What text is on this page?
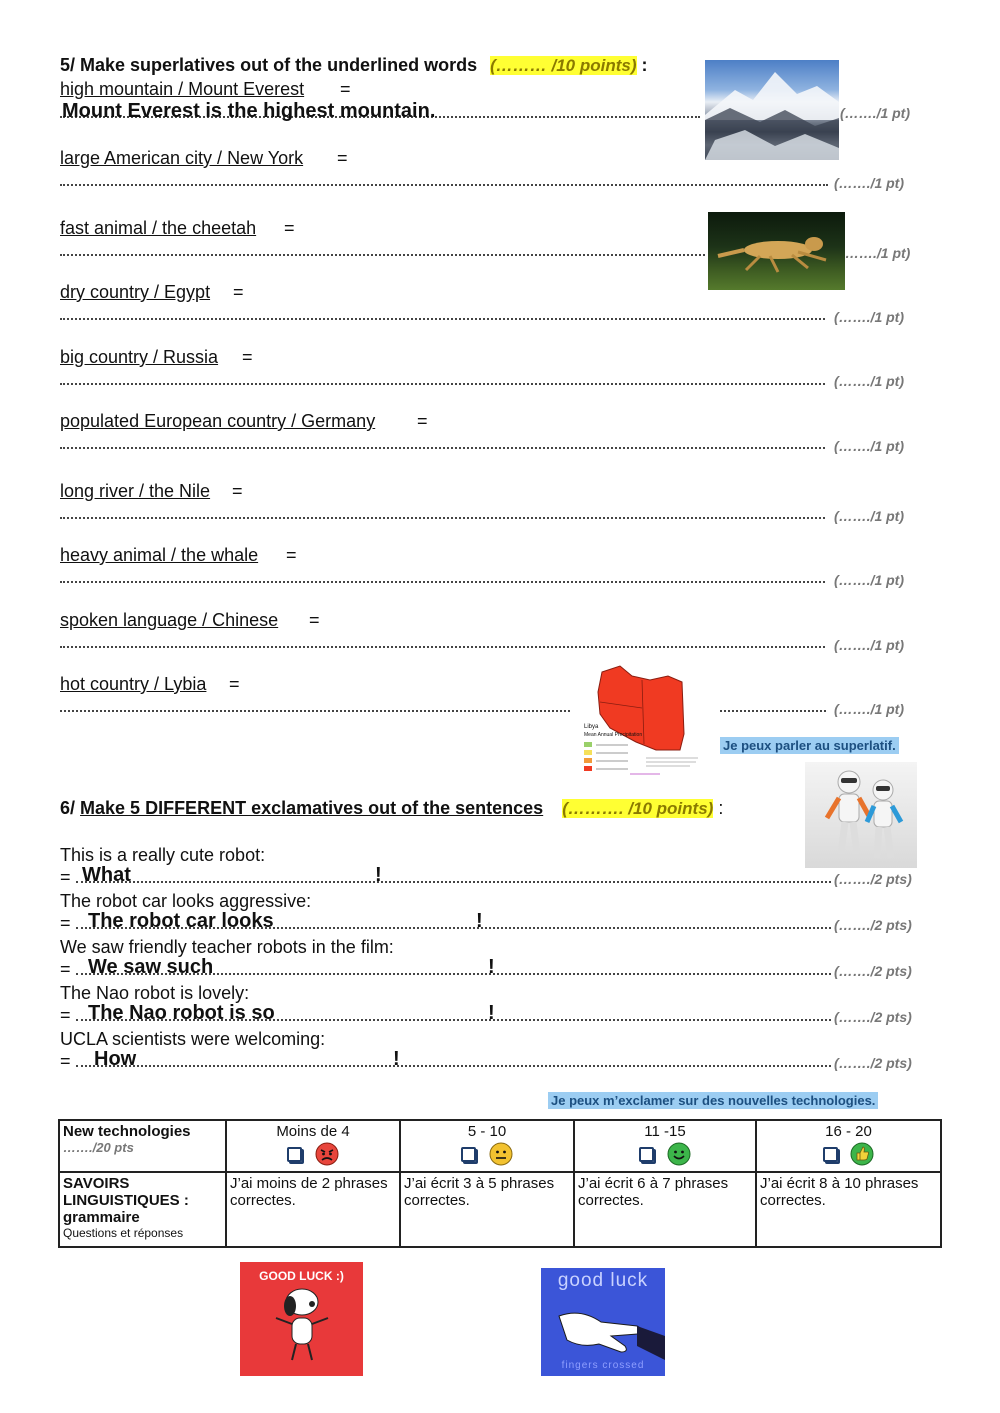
5/ Make superlatives out of the underlined words (……… /10 points) :
high mountain / Mount Everest =
Mount Everest is the highest mountain.	(……./1 pt)
large American city / New York =
(……./1 pt)
fast animal / the cheetah =
……./1 pt)
dry country / Egypt =
(……./1 pt)
big country / Russia =
(……./1 pt)
populated European country / Germany =
(……./1 pt)
long river / the Nile =
(……./1 pt)
heavy animal / the whale =
(……./1 pt)
spoken language / Chinese =
(……./1 pt)
hot country / Lybia =
(……./1 pt)
Libya
Mean Annual Precipitation
Je peux parler au superlatif.
6/ Make 5 DIFFERENT exclamatives out of the sentences (………. /10 points) :
This is a really cute robot:
= What	!	(……./2 pts)
The robot car looks aggressive:
= The robot car looks	!	(……./2 pts)
We saw friendly teacher robots in the film:
= We saw such	!	(……./2 pts)
The Nao robot is lovely:
= The Nao robot is so	!	(……./2 pts)
UCLA scientists were welcoming:
= How	!	(……./2 pts)
Je peux m’exclamer sur des nouvelles technologies.
New technologies
……./20 pts	Moins de 4	5 - 10	11 -15	16 - 20

SAVOIRS LINGUISTIQUES : grammaire
Questions et réponses	J’ai moins de 2 phrases correctes.	J’ai écrit 3 à 5 phrases correctes.	J’ai écrit 6 à 7 phrases correctes.	J’ai écrit 8 à 10 phrases correctes.
GOOD LUCK :)	good luck
fingers crossed
